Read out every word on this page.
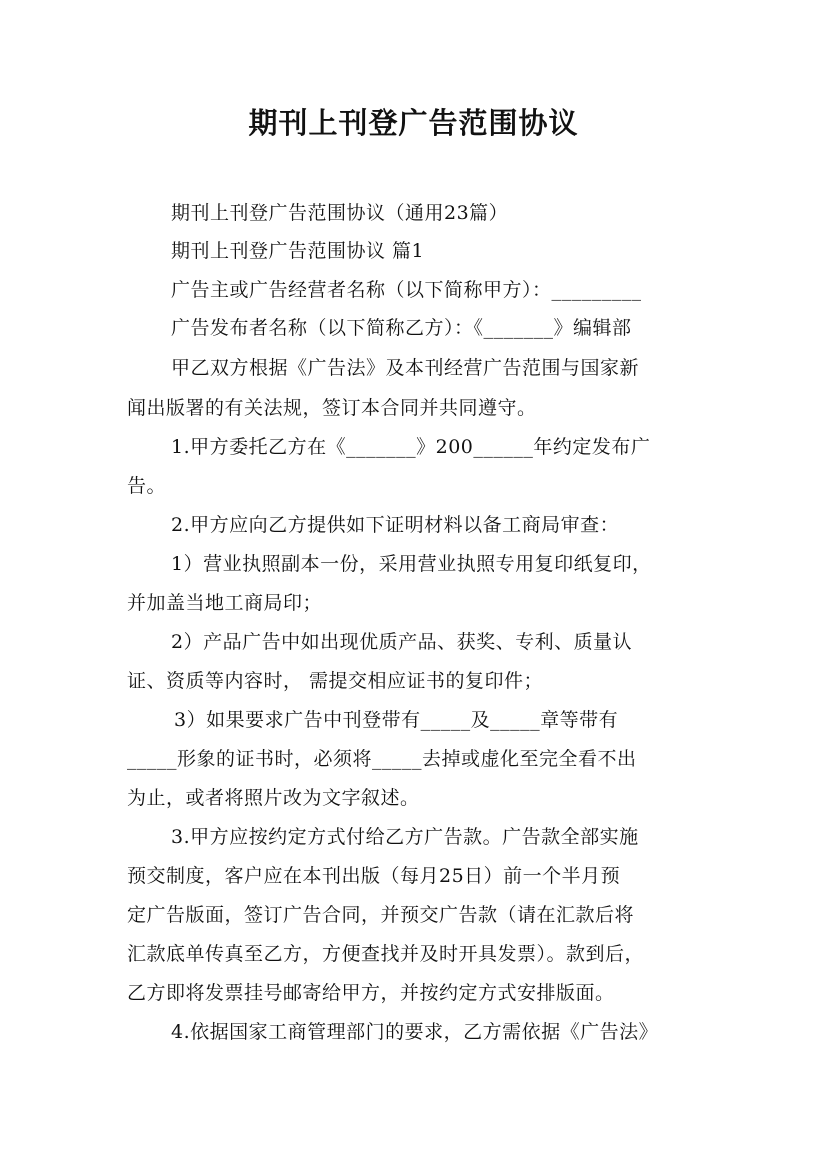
期刊上刊登广告范围协议
期刊上刊登广告范围协议（通用23篇）
期刊上刊登广告范围协议 篇1
广告主或广告经营者名称（以下简称甲方）：_________
广告发布者名称（以下简称乙方）：《_______》编辑部
甲乙双方根据《广告法》及本刊经营广告范围与国家新
闻出版署的有关法规，签订本合同并共同遵守。
1.甲方委托乙方在《_______》200______年约定发布广
告。
2.甲方应向乙方提供如下证明材料以备工商局审查：
1）营业执照副本一份，采用营业执照专用复印纸复印，
并加盖当地工商局印；
2）产品广告中如出现优质产品、获奖、专利、质量认
证、资质等内容时， 需提交相应证书的复印件；
3）如果要求广告中刊登带有_____及_____章等带有
_____形象的证书时，必须将_____去掉或虚化至完全看不出
为止，或者将照片改为文字叙述。
3.甲方应按约定方式付给乙方广告款。广告款全部实施
预交制度，客户应在本刊出版（每月25日）前一个半月预
定广告版面，签订广告合同，并预交广告款（请在汇款后将
汇款底单传真至乙方，方便查找并及时开具发票）。款到后，
乙方即将发票挂号邮寄给甲方，并按约定方式安排版面。
4.依据国家工商管理部门的要求，乙方需依据《广告法》
